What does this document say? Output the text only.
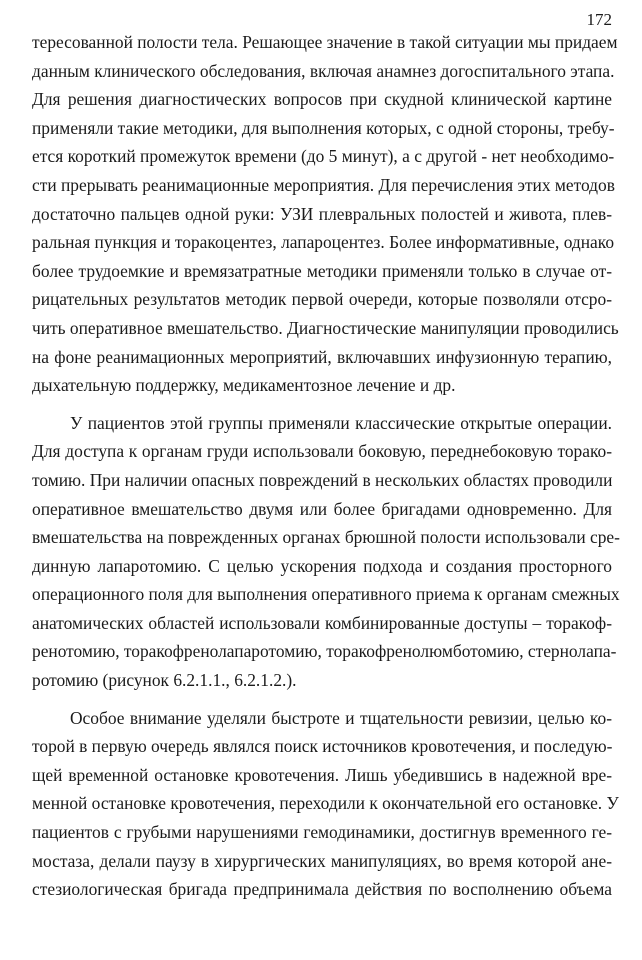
172
тересованной полости тела. Решающее значение в такой ситуации мы придаем
данным клинического обследования, включая анамнез догоспитального этапа.
Для решения диагностических вопросов при скудной клинической картине
применяли такие методики, для выполнения которых, с одной стороны, требу-
ется короткий промежуток времени (до 5 минут), а с другой - нет необходимо-
сти прерывать реанимационные мероприятия. Для перечисления этих методов
достаточно пальцев одной руки: УЗИ плевральных полостей и живота, плев-
ральная пункция и торакоцентез, лапароцентез. Более информативные, однако
более трудоемкие и времязатратные методики применяли только в случае от-
рицательных результатов методик первой очереди, которые позволяли отсро-
чить оперативное вмешательство. Диагностические манипуляции проводились
на фоне реанимационных мероприятий, включавших инфузионную терапию,
дыхательную поддержку, медикаментозное лечение и др.
У пациентов этой группы применяли классические открытые операции.
Для доступа к органам груди использовали боковую, переднебоковую торако-
томию. При наличии опасных повреждений в нескольких областях проводили
оперативное вмешательство двумя или более бригадами одновременно. Для
вмешательства на поврежденных органах брюшной полости использовали сре-
динную лапаротомию. С целью ускорения подхода и создания просторного
операционного поля для выполнения оперативного приема к органам смежных
анатомических областей использовали комбинированные доступы – торакоф-
ренотомию, торакофренолапаротомию, торакофренолюмботомию, стернолапа-
ротомию (рисунок 6.2.1.1., 6.2.1.2.).
Особое внимание уделяли быстроте и тщательности ревизии, целью ко-
торой в первую очередь являлся поиск источников кровотечения, и последую-
щей временной остановке кровотечения. Лишь убедившись в надежной вре-
менной остановке кровотечения, переходили к окончательной его остановке. У
пациентов с грубыми нарушениями гемодинамики, достигнув временного ге-
мостаза, делали паузу в хирургических манипуляциях, во время которой ане-
стезиологическая бригада предпринимала действия по восполнению объема
